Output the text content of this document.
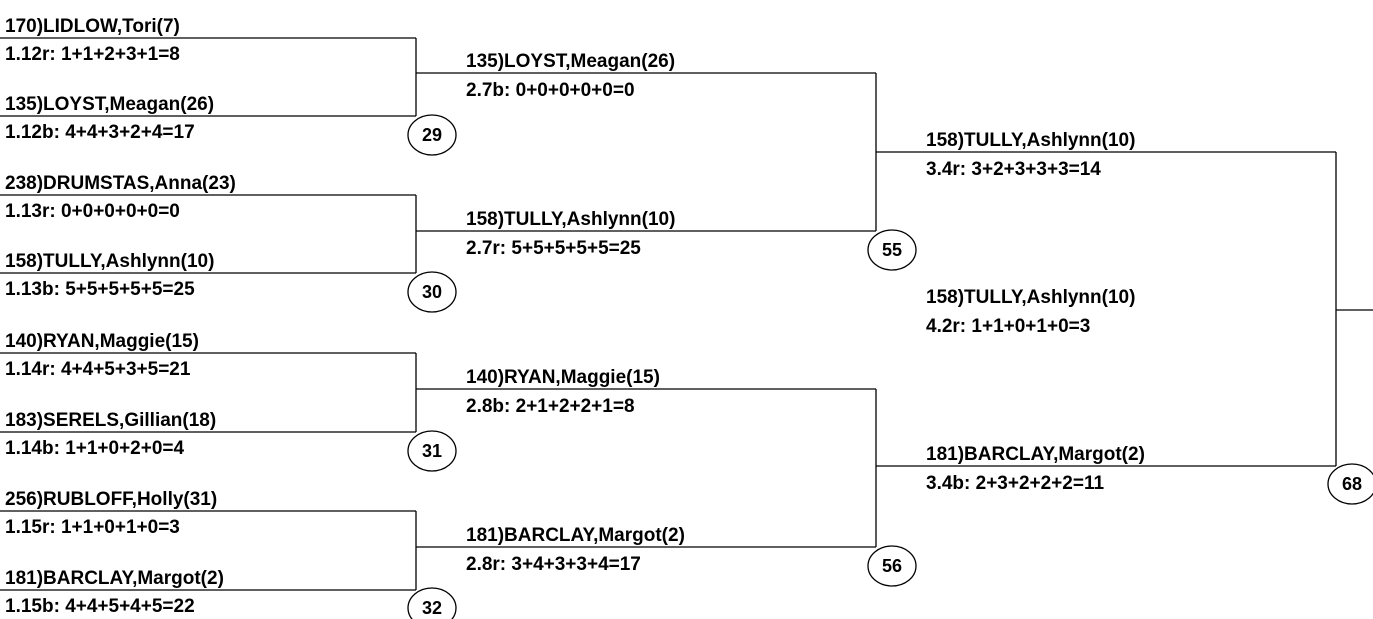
170)LIDLOW,Tori(7)
1.12r: 1+1+2+3+1=8
135)LOYST,Meagan(26)
1.12b: 4+4+3+2+4=17
238)DRUMSTAS,Anna(23)
1.13r: 0+0+0+0+0=0
158)TULLY,Ashlynn(10)
1.13b: 5+5+5+5+5=25
140)RYAN,Maggie(15)
1.14r: 4+4+5+3+5=21
183)SERELS,Gillian(18)
1.14b: 1+1+0+2+0=4
256)RUBLOFF,Holly(31)
1.15r: 1+1+0+1+0=3
181)BARCLAY,Margot(2)
1.15b: 4+4+5+4+5=22
135)LOYST,Meagan(26)
2.7b: 0+0+0+0+0=0
158)TULLY,Ashlynn(10)
2.7r: 5+5+5+5+5=25
140)RYAN,Maggie(15)
2.8b: 2+1+2+2+1=8
181)BARCLAY,Margot(2)
2.8r: 3+4+3+3+4=17
158)TULLY,Ashlynn(10)
3.4r: 3+2+3+3+3=14
181)BARCLAY,Margot(2)
3.4b: 2+3+2+2+2=11
158)TULLY,Ashlynn(10)
4.2r: 1+1+0+1+0=3
29
30
31
32
55
56
68
